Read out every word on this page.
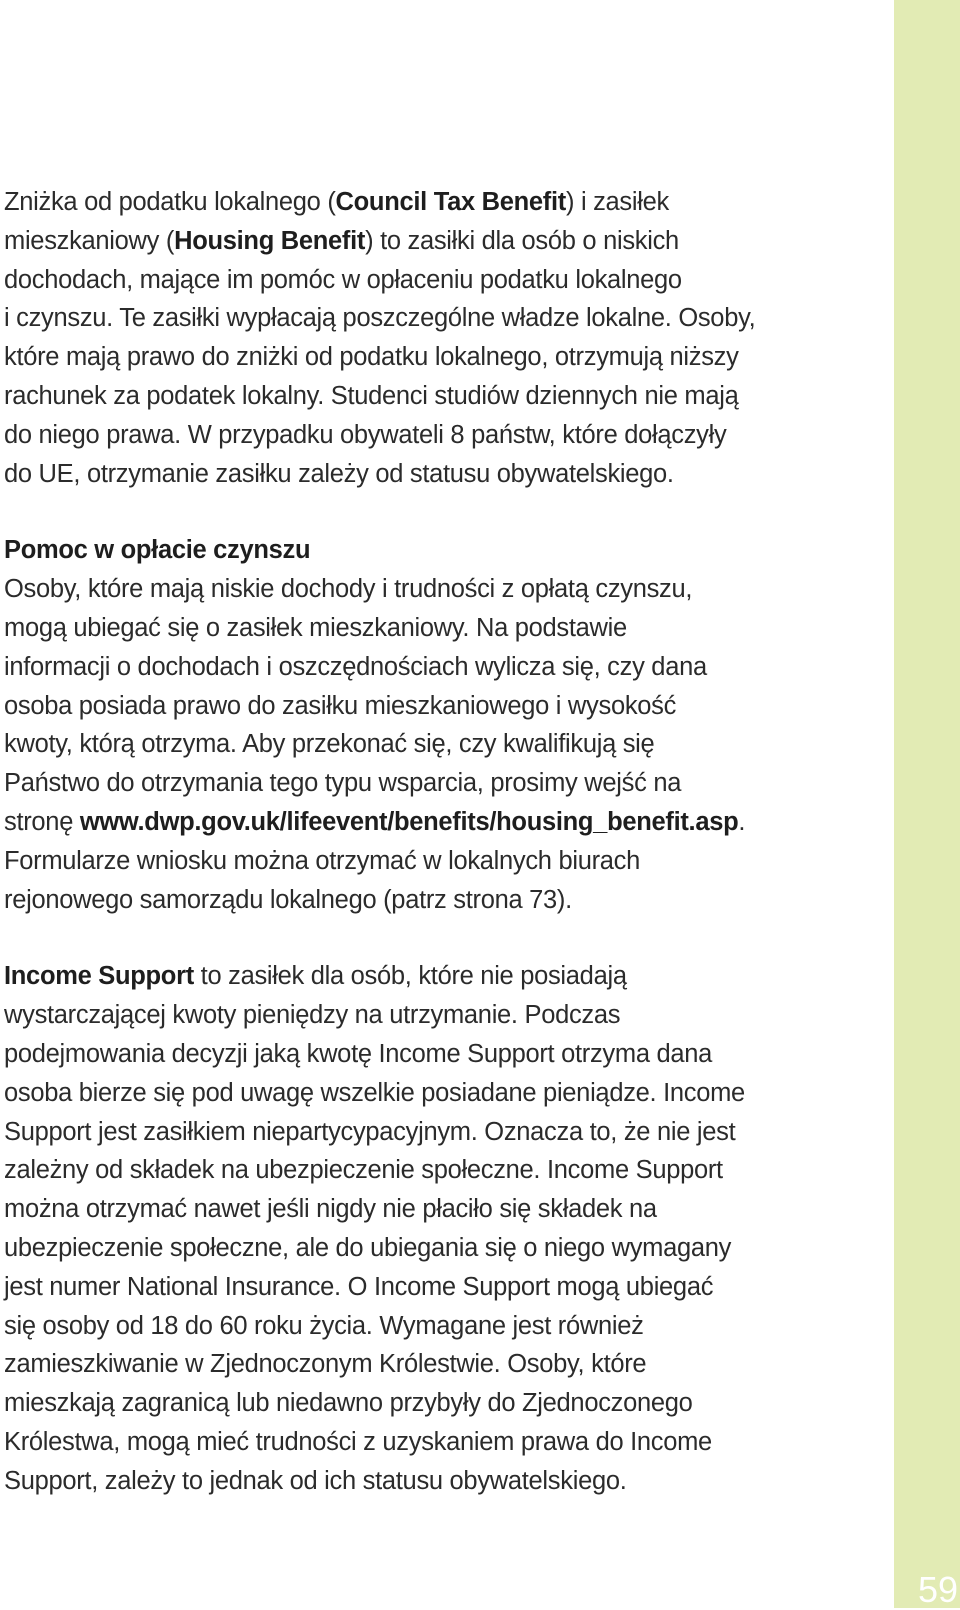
59

Zniżka od podatku lokalnego (Council Tax Benefit) i zasiłek
mieszkaniowy (Housing Benefit) to zasiłki dla osób o niskich
dochodach, mające im pomóc w opłaceniu podatku lokalnego
i czynszu. Te zasiłki wypłacają poszczególne władze lokalne. Osoby,
które mają prawo do zniżki od podatku lokalnego, otrzymują niższy
rachunek za podatek lokalny. Studenci studiów dziennych nie mają
do niego prawa. W przypadku obywateli 8 państw, które dołączyły
do UE, otrzymanie zasiłku zależy od statusu obywatelskiego.

Pomoc w opłacie czynszu
Osoby, które mają niskie dochody i trudności z opłatą czynszu,
mogą ubiegać się o zasiłek mieszkaniowy. Na podstawie
informacji o dochodach i oszczędnościach wylicza się, czy dana
osoba posiada prawo do zasiłku mieszkaniowego i wysokość
kwoty, którą otrzyma. Aby przekonać się, czy kwalifikują się
Państwo do otrzymania tego typu wsparcia, prosimy wejść na
stronę www.dwp.gov.uk/lifeevent/benefits/housing_benefit.asp.
Formularze wniosku można otrzymać w lokalnych biurach
rejonowego samorządu lokalnego (patrz strona 73).

Income Support to zasiłek dla osób, które nie posiadają
wystarczającej kwoty pieniędzy na utrzymanie. Podczas
podejmowania decyzji jaką kwotę Income Support otrzyma dana
osoba bierze się pod uwagę wszelkie posiadane pieniądze. Income
Support jest zasiłkiem niepartycypacyjnym. Oznacza to, że nie jest
zależny od składek na ubezpieczenie społeczne. Income Support
można otrzymać nawet jeśli nigdy nie płaciło się składek na
ubezpieczenie społeczne, ale do ubiegania się o niego wymagany
jest numer National Insurance. O Income Support mogą ubiegać
się osoby od 18 do 60 roku życia. Wymagane jest również
zamieszkiwanie w Zjednoczonym Królestwie. Osoby, które
mieszkają zagranicą lub niedawno przybyły do Zjednoczonego
Królestwa, mogą mieć trudności z uzyskaniem prawa do Income
Support, zależy to jednak od ich statusu obywatelskiego.
